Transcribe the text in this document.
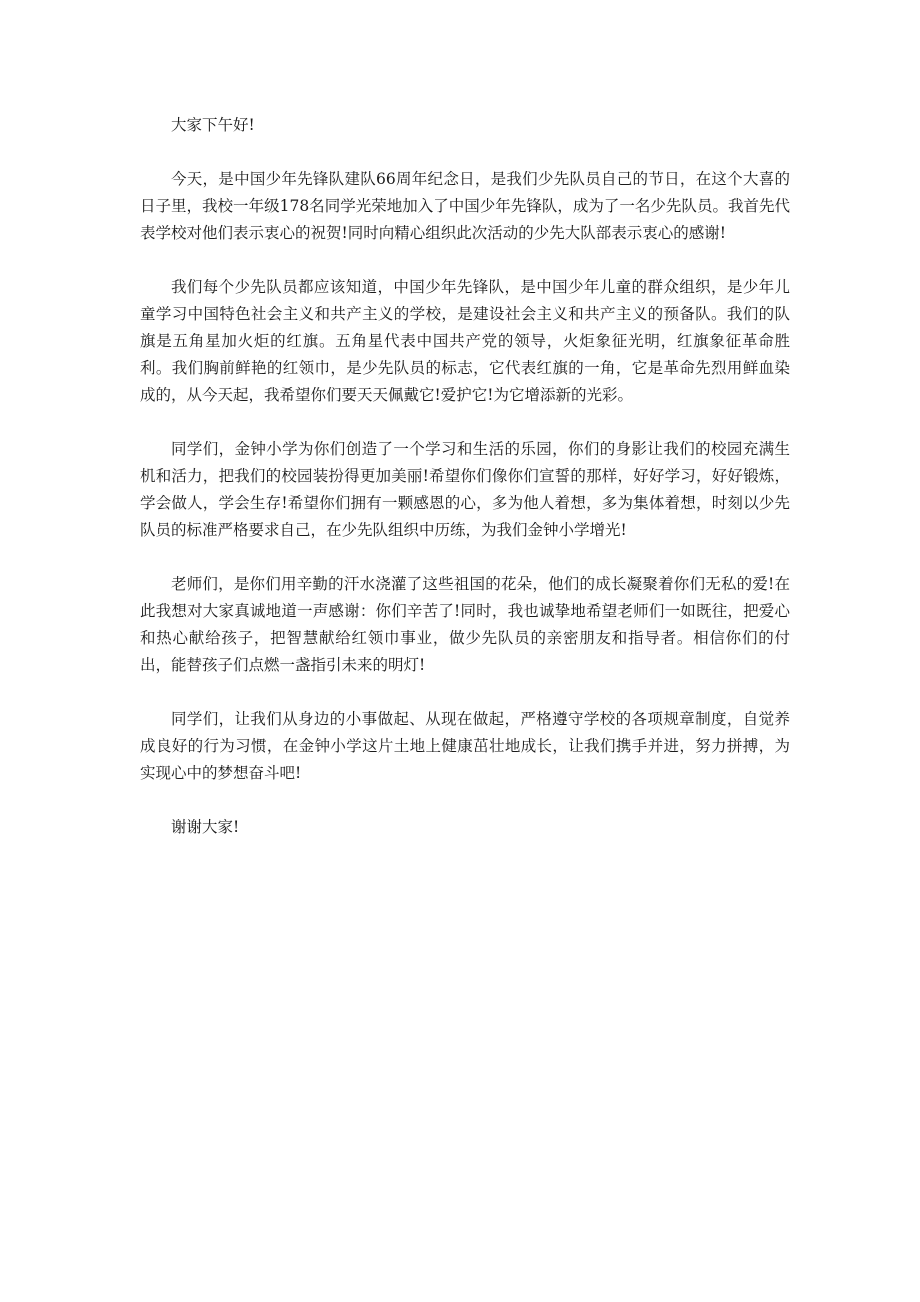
大家下午好!

今天，是中国少年先锋队建队66周年纪念日，是我们少先队员自己的节日，在这个大喜的日子里，我校一年级178名同学光荣地加入了中国少年先锋队，成为了一名少先队员。我首先代表学校对他们表示衷心的祝贺!同时向精心组织此次活动的少先大队部表示衷心的感谢!

我们每个少先队员都应该知道，中国少年先锋队，是中国少年儿童的群众组织，是少年儿童学习中国特色社会主义和共产主义的学校，是建设社会主义和共产主义的预备队。我们的队旗是五角星加火炬的红旗。五角星代表中国共产党的领导，火炬象征光明，红旗象征革命胜利。我们胸前鲜艳的红领巾，是少先队员的标志，它代表红旗的一角，它是革命先烈用鲜血染成的，从今天起，我希望你们要天天佩戴它!爱护它!为它增添新的光彩。

同学们，金钟小学为你们创造了一个学习和生活的乐园，你们的身影让我们的校园充满生机和活力，把我们的校园装扮得更加美丽!希望你们像你们宣誓的那样，好好学习，好好锻炼，学会做人，学会生存!希望你们拥有一颗感恩的心，多为他人着想，多为集体着想，时刻以少先队员的标准严格要求自己，在少先队组织中历练，为我们金钟小学增光!

老师们，是你们用辛勤的汗水浇灌了这些祖国的花朵，他们的成长凝聚着你们无私的爱!在此我想对大家真诚地道一声感谢：你们辛苦了!同时，我也诚挚地希望老师们一如既往，把爱心和热心献给孩子，把智慧献给红领巾事业，做少先队员的亲密朋友和指导者。相信你们的付出，能替孩子们点燃一盏指引未来的明灯!

同学们，让我们从身边的小事做起、从现在做起，严格遵守学校的各项规章制度，自觉养成良好的行为习惯，在金钟小学这片土地上健康茁壮地成长，让我们携手并进，努力拼搏，为实现心中的梦想奋斗吧!

谢谢大家!
